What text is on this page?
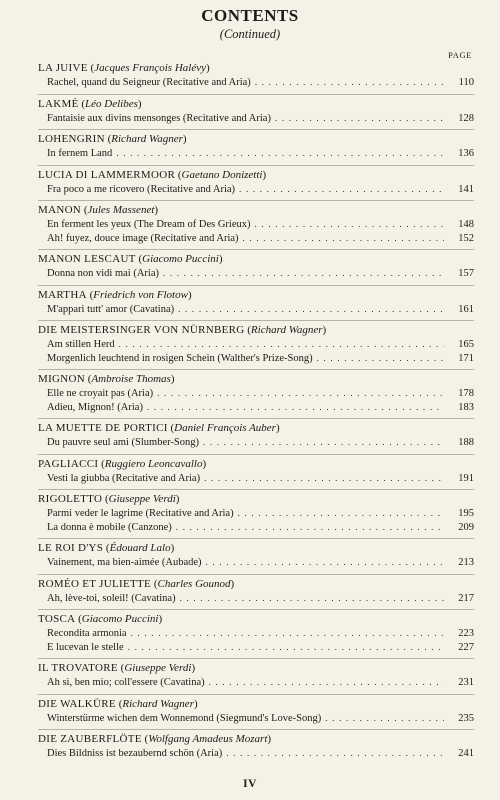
CONTENTS
(Continued)
PAGE
LA JUIVE (Jacques François Halévy)
Rachel, quand du Seigneur (Recitative and Aria) . . .	110
LAKMÉ (Léo Delibes)
Fantaisie aux divins mensonges (Recitative and Aria) . . .	128
LOHENGRIN (Richard Wagner)
In fernem Land . . .	136
LUCIA DI LAMMERMOOR (Gaetano Donizetti)
Fra poco a me ricovero (Recitative and Aria) . . .	141
MANON (Jules Massenet)
En ferment les yeux (The Dream of Des Grieux) . . .	148
Ah! fuyez, douce image (Recitative and Aria) . . .	152
MANON LESCAUT (Giacomo Puccini)
Donna non vidi mai (Aria) . . .	157
MARTHA (Friedrich von Flotow)
M'appari tutt' amor (Cavatina) . . .	161
DIE MEISTERSINGER VON NÜRNBERG (Richard Wagner)
Am stillen Herd . . .	165
Morgenlich leuchtend in rosigen Schein (Walther's Prize-Song) . . .	171
MIGNON (Ambroise Thomas)
Elle ne croyait pas (Aria) . . .	178
Adieu, Mignon! (Aria) . . .	183
LA MUETTE DE PORTICI (Daniel François Auber)
Du pauvre seul ami (Slumber-Song) . . .	188
PAGLIACCI (Ruggiero Leoncavallo)
Vesti la giubba (Recitative and Aria) . . .	191
RIGOLETTO (Giuseppe Verdi)
Parmi veder le lagrime (Recitative and Aria) . . .	195
La donna è mobile (Canzone) . . .	209
LE ROI D'YS (Édouard Lalo)
Vainement, ma bien-aimée (Aubade) . . .	213
ROMÉO ET JULIETTE (Charles Gounod)
Ah, lève-toi, soleil! (Cavatina) . . .	217
TOSCA (Giacomo Puccini)
Recondita armonia . . .	223
E lucevan le stelle . . .	227
IL TROVATORE (Giuseppe Verdi)
Ah sì, ben mio; coll'essere (Cavatina) . . .	231
DIE WALKÜRE (Richard Wagner)
Winterstürme wichen dem Wonnemond (Siegmund's Love-Song) . . .	235
DIE ZAUBERFLÖTE (Wolfgang Amadeus Mozart)
Dies Bildniss ist bezaubernd schön (Aria) . . .	241
IV
